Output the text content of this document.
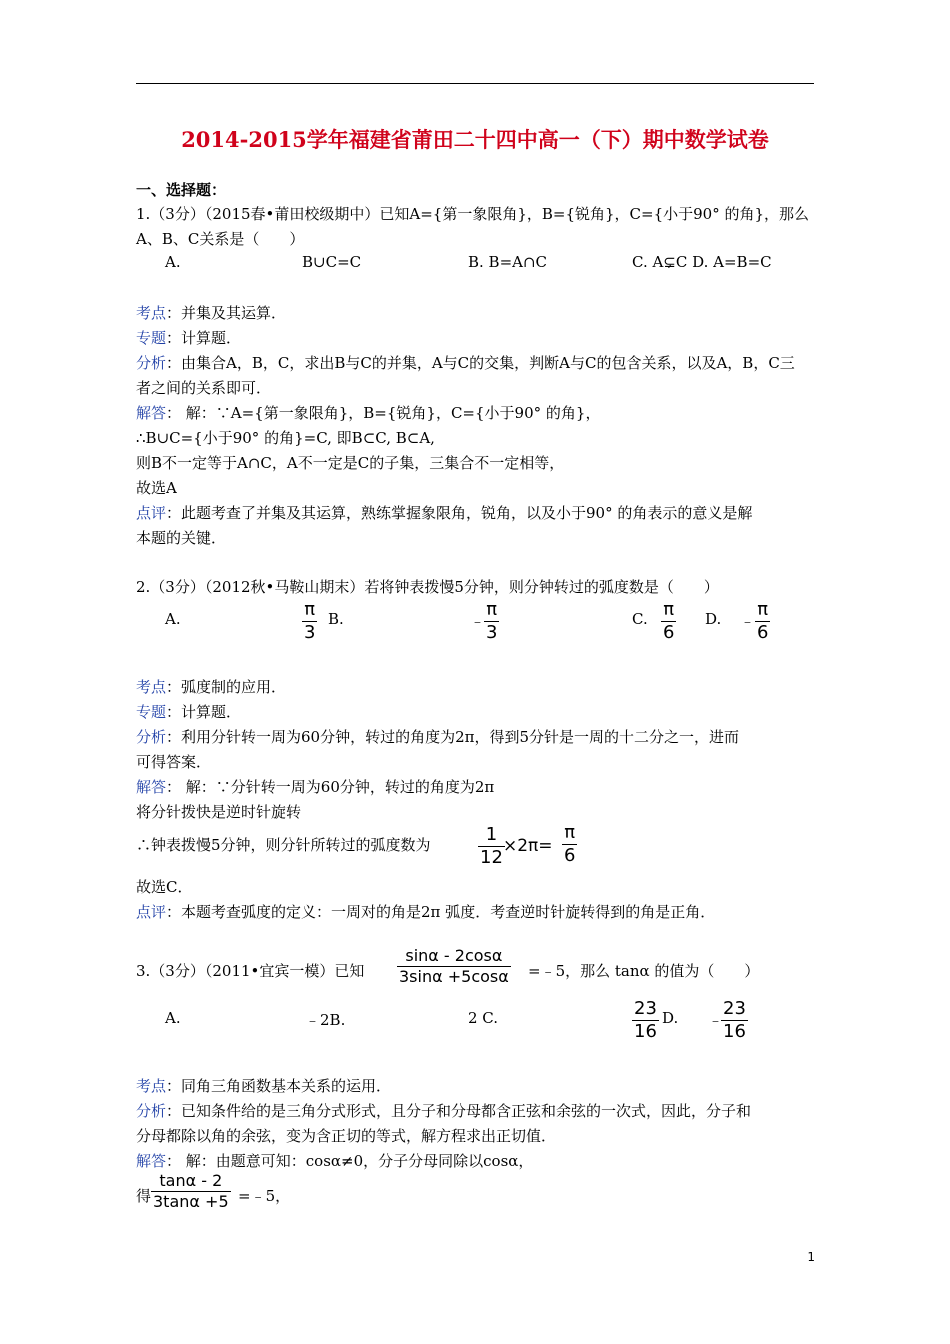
2014-2015学年福建省莆田二十四中高一（下）期中数学试卷
一、选择题：
1.（3分）（2015春•莆田校级期中）已知A={第一象限角}，B={锐角}，C={小于90° 的角}，那么
A、B、C关系是（　　）
A.	B∪C=C	B. B=A∩C	C. A⊊C D. A=B=C
考点：并集及其运算．
专题：计算题．
分析：由集合A，B，C，求出B与C的并集，A与C的交集，判断A与C的包含关系，以及A，B，C三
者之间的关系即可．
解答： 解：∵A={第一象限角}，B={锐角}，C={小于90° 的角}，
∴B∪C={小于90° 的角}=C, 即B⊂C, B⊂A,
则B不一定等于A∩C，A不一定是C的子集，三集合不一定相等，
故选A
点评：此题考查了并集及其运算，熟练掌握象限角，锐角，以及小于90° 的角表示的意义是解
本题的关键．
2.（3分）（2012秋•马鞍山期末）若将钟表拨慢5分钟，则分钟转过的弧度数是（　　）
A.	$\frac{\pi}{3} B$.	﹣
$\frac{\pi}{3}$	C. $\frac{\pi}{6} D$. ﹣ $\frac{\pi}{6}$
考点：弧度制的应用．
专题：计算题．
分析：利用分针转一周为60分钟，转过的角度为2π，得到5分针是一周的十二分之一，进而
可得答案．
解答： 解：∵分针转一周为60分钟，转过的角度为2π
将分针拨快是逆时针旋转
∴钟表拨慢5分钟，则分针所转过的弧度数为	$\frac{1}{12}$
$\times 2\pi= \frac{\pi}{6}$
故选C．
点评：本题考查弧度的定义：一周对的角是2π 弧度．考查逆时针旋转得到的角是正角．
3.（3分）（2011•宜宾一模）已知 $\frac{\sin\alpha - 2\cos\alpha}{3\sin\alpha +5\cos\alpha}$ =﹣5，那么 tanα 的值为（　　）
A.	﹣2B.	2 C.	$\frac{23}{16} D$. ﹣
$\frac{23}{16}$
考点：同角三角函数基本关系的运用．
分析：已知条件给的是三角分式形式，且分子和分母都含正弦和余弦的一次式，因此，分子和
分母都除以角的余弦，变为含正切的等式，解方程求出正切值．
解答： 解：由题意可知：cosα≠0，分子分母同除以cosα，
得 $\frac{\tan\alpha - 2}{3\tan\alpha +5}$ =﹣5，
1
